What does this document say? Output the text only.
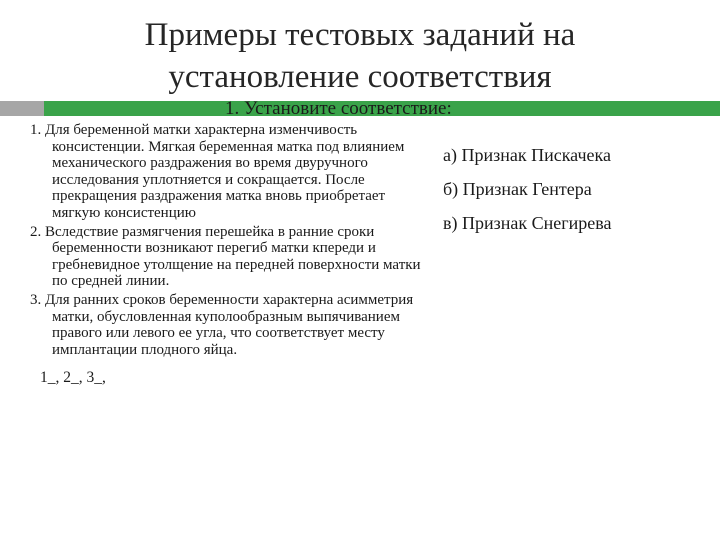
Примеры тестовых заданий на
установление соответствия
1. Установите соответствие:

1. Для беременной матки характерна изменчивость консистенции. Мягкая беременная матка под влиянием механического раздражения во время двуручного исследования уплотняется и сокращается. После прекращения раздражения матка вновь приобретает мягкую консистенцию

2. Вследствие размягчения перешейка в ранние сроки беременности возникают перегиб матки кпереди и гребневидное утолщение на передней поверхности матки по средней линии.

3. Для ранних сроков беременности характерна асимметрия матки, обусловленная куполообразным выпячиванием правого или левого ее угла, что соответствует месту имплантации плодного яйца.

1_, 2_, 3_,
а) Признак Пискачека
б) Признак Гентера
в) Признак Снегирева
